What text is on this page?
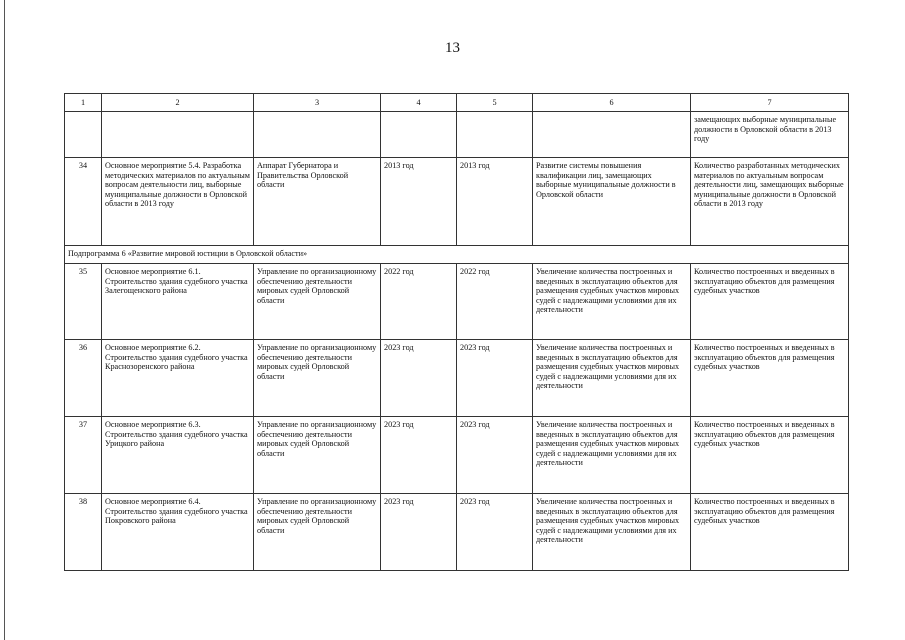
13
1	2	3	4	5	6	7
						замещающих выборные муниципальные должности в Орловской области в 2013 году
34	Основное мероприятие 5.4. Разработка методических материалов по актуальным вопросам деятельности лиц, выборные муниципальные должности в Орловской области в 2013 году	Аппарат Губернатора и Правительства Орловской области	2013 год	2013 год	Развитие системы повышения квалификации лиц, замещающих выборные муниципальные должности в Орловской области	Количество разработанных методических материалов по актуальным вопросам деятельности лиц, замещающих выборные муниципальные должности в Орловской области в 2013 году
Подпрограмма 6 «Развитие мировой юстиции в Орловской области»						
35	Основное мероприятие 6.1. Строительство здания судебного участка Залегощенского района	Управление по организационному обеспечению деятельности мировых судей Орловской области	2022 год	2022 год	Увеличение количества построенных и введенных в эксплуатацию объектов для размещения судебных участков мировых судей с надлежащими условиями для их деятельности	Количество построенных и введенных в эксплуатацию объектов для размещения судебных участков
36	Основное мероприятие 6.2. Строительство здания судебного участка Краснозоренского района	Управление по организационному обеспечению деятельности мировых судей Орловской области	2023 год	2023 год	Увеличение количества построенных и введенных в эксплуатацию объектов для размещения судебных участков мировых судей с надлежащими условиями для их деятельности	Количество построенных и введенных в эксплуатацию объектов для размещения судебных участков
37	Основное мероприятие 6.3. Строительство здания судебного участка Урицкого района	Управление по организационному обеспечению деятельности мировых судей Орловской области	2023 год	2023 год	Увеличение количества построенных и введенных в эксплуатацию объектов для размещения судебных участков мировых судей с надлежащими условиями для их деятельности	Количество построенных и введенных в эксплуатацию объектов для размещения судебных участков
38	Основное мероприятие 6.4. Строительство здания судебного участка Покровского района	Управление по организационному обеспечению деятельности мировых судей Орловской области	2023 год	2023 год	Увеличение количества построенных и введенных в эксплуатацию объектов для размещения судебных участков мировых судей с надлежащими условиями для их деятельности	Количество построенных и введенных в эксплуатацию объектов для размещения судебных участков
